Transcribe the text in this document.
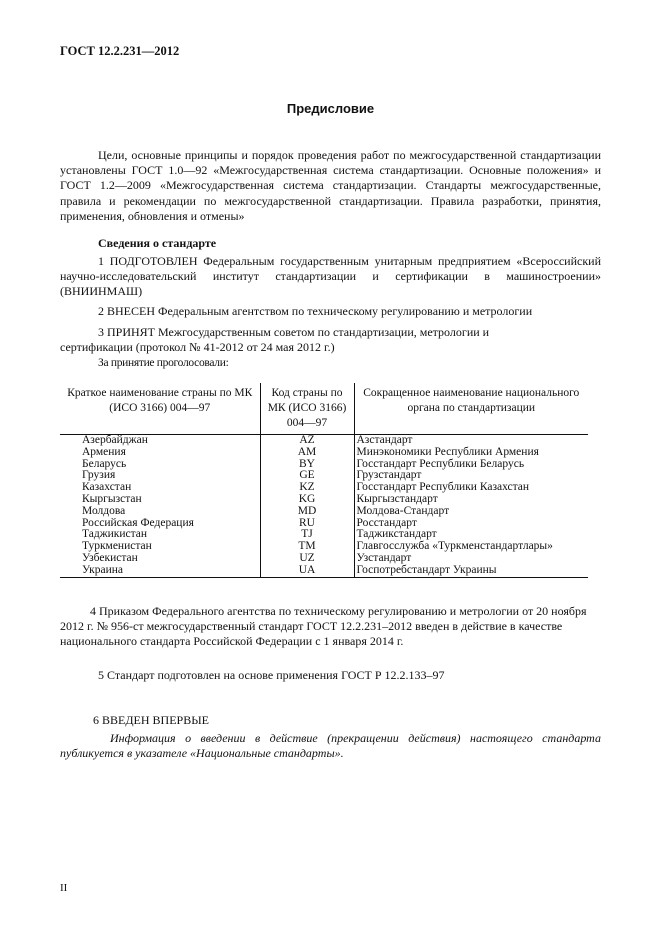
ГОСТ 12.2.231—2012
Предисловие
Цели, основные принципы и порядок проведения работ по межгосударственной стандартизации установлены ГОСТ 1.0—92 «Межгосударственная система стандартизации. Основные положения» и ГОСТ 1.2—2009 «Межгосударственная система стандартизации. Стандарты межгосударственные, правила и рекомендации по межгосударственной стандартизации. Правила разработки, принятия, применения, обновления и отмены»
Сведения о стандарте
1 ПОДГОТОВЛЕН Федеральным государственным унитарным предприятием «Всероссийский научно-исследовательский институт стандартизации и сертификации в машиностроении» (ВНИИНМАШ)
2 ВНЕСЕН Федеральным агентством по техническому регулированию и метрологии
3 ПРИНЯТ Межгосударственным советом по стандартизации, метрологии и сертификации (протокол № 41-2012 от 24 мая 2012 г.)
За принятие проголосовали:
Краткое наименование страны по МК (ИСО 3166) 004—97	Код страны по МК (ИСО 3166) 004—97	Сокращенное наименование национального органа по стандартизации
Азербайджан	AZ	Азстандарт
Армения	AM	Минэкономики Республики Армения
Беларусь	BY	Госстандарт Республики Беларусь
Грузия	GE	Грузстандарт
Казахстан	KZ	Госстандарт Республики Казахстан
Кыргызстан	KG	Кыргызстандарт
Молдова	MD	Молдова-Стандарт
Российская Федерация	RU	Росстандарт
Таджикистан	TJ	Таджикстандарт
Туркменистан	TM	Главгосслужба «Туркменстандартлары»
Узбекистан	UZ	Узстандарт
Украина	UA	Госпотребстандарт Украины
4 Приказом Федерального агентства по техническому регулированию и метрологии от 20 ноября 2012 г. № 956-ст межгосударственный стандарт ГОСТ 12.2.231–2012 введен в действие в качестве национального стандарта Российской Федерации с 1 января 2014 г.
5 Стандарт подготовлен на основе применения ГОСТ Р 12.2.133–97
6 ВВЕДЕН ВПЕРВЫЕ
Информация о введении в действие (прекращении действия) настоящего стандарта публикуется в указателе «Национальные стандарты».
II
